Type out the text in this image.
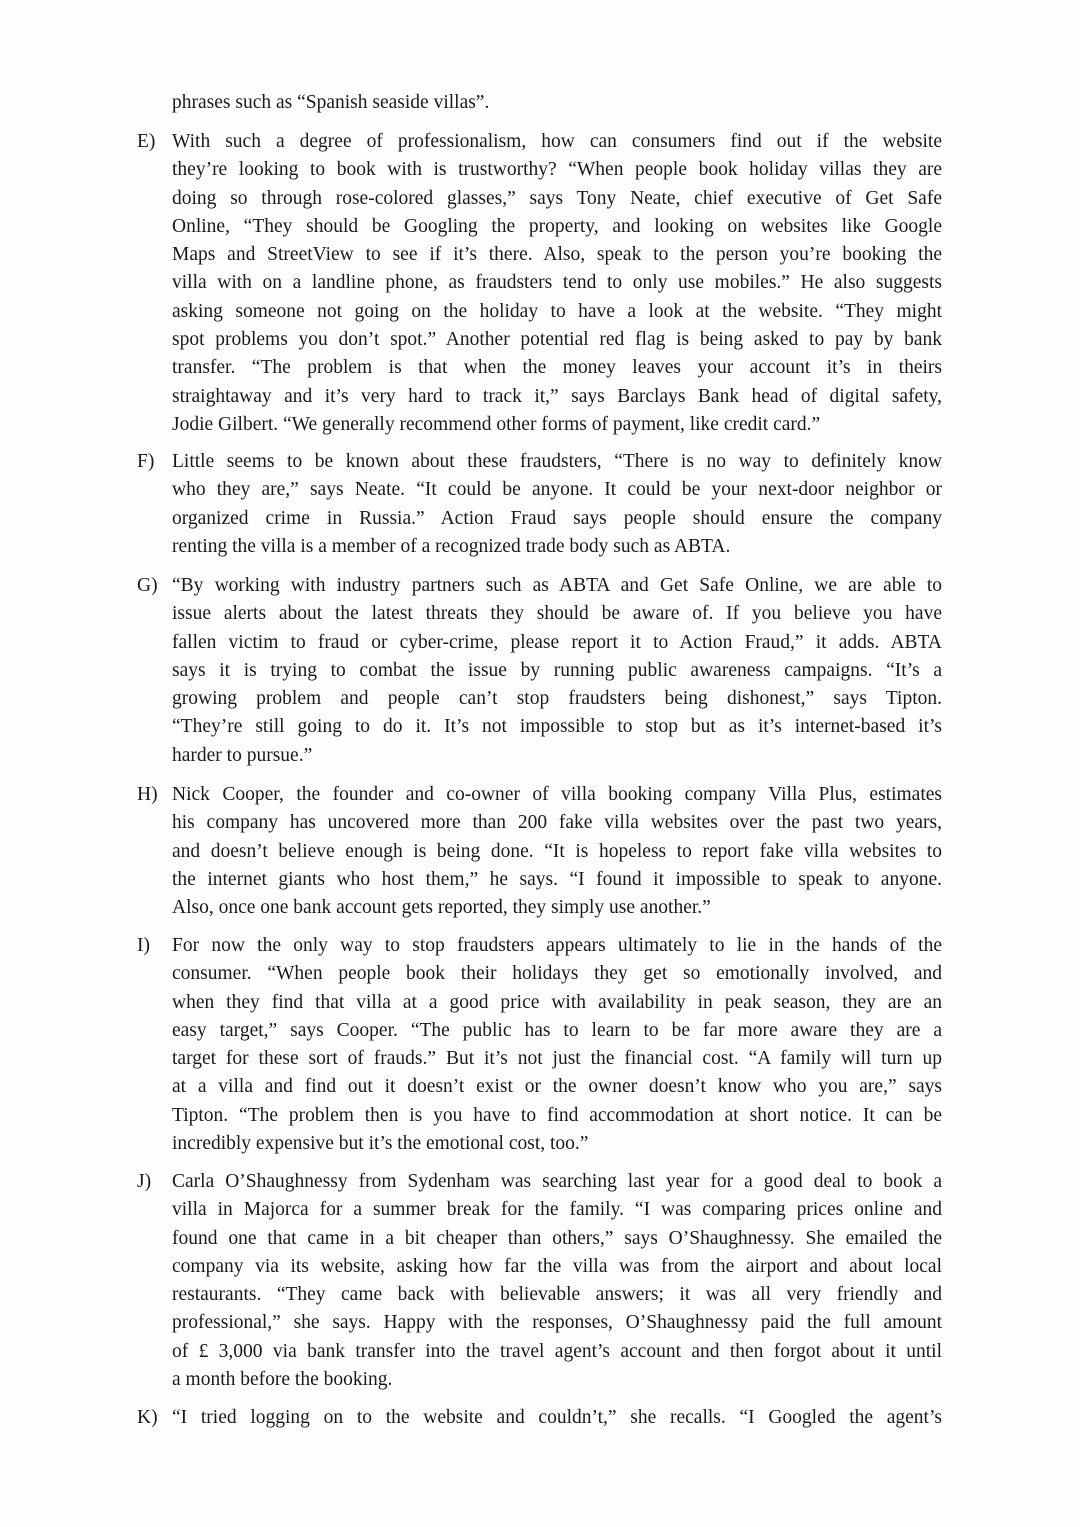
phrases such as “Spanish seaside villas”.
E) With such a degree of professionalism, how can consumers find out if the website
they’re looking to book with is trustworthy? “When people book holiday villas they are
doing so through rose-colored glasses,” says Tony Neate, chief executive of Get Safe
Online, “They should be Googling the property, and looking on websites like Google
Maps and StreetView to see if it’s there. Also, speak to the person you’re booking the
villa with on a landline phone, as fraudsters tend to only use mobiles.” He also suggests
asking someone not going on the holiday to have a look at the website. “They might
spot problems you don’t spot.” Another potential red flag is being asked to pay by bank
transfer. “The problem is that when the money leaves your account it’s in theirs
straightaway and it’s very hard to track it,” says Barclays Bank head of digital safety,
Jodie Gilbert. “We generally recommend other forms of payment, like credit card.”
F) Little seems to be known about these fraudsters, “There is no way to definitely know
who they are,” says Neate. “It could be anyone. It could be your next-door neighbor or
organized crime in Russia.” Action Fraud says people should ensure the company
renting the villa is a member of a recognized trade body such as ABTA.
G) “By working with industry partners such as ABTA and Get Safe Online, we are able to
issue alerts about the latest threats they should be aware of. If you believe you have
fallen victim to fraud or cyber-crime, please report it to Action Fraud,” it adds. ABTA
says it is trying to combat the issue by running public awareness campaigns. “It’s a
growing problem and people can’t stop fraudsters being dishonest,” says Tipton.
“They’re still going to do it. It’s not impossible to stop but as it’s internet-based it’s
harder to pursue.”
H) Nick Cooper, the founder and co-owner of villa booking company Villa Plus, estimates
his company has uncovered more than 200 fake villa websites over the past two years,
and doesn’t believe enough is being done. “It is hopeless to report fake villa websites to
the internet giants who host them,” he says. “I found it impossible to speak to anyone.
Also, once one bank account gets reported, they simply use another.”
I)	For now the only way to stop fraudsters appears ultimately to lie in the hands of the
consumer. “When people book their holidays they get so emotionally involved, and
when they find that villa at a good price with availability in peak season, they are an
easy target,” says Cooper. “The public has to learn to be far more aware they are a
target for these sort of frauds.” But it’s not just the financial cost. “A family will turn up
at a villa and find out it doesn’t exist or the owner doesn’t know who you are,” says
Tipton. “The problem then is you have to find accommodation at short notice. It can be
incredibly expensive but it’s the emotional cost, too.”
J)	Carla O’Shaughnessy from Sydenham was searching last year for a good deal to book a
villa in Majorca for a summer break for the family. “I was comparing prices online and
found one that came in a bit cheaper than others,” says O’Shaughnessy. She emailed the
company via its website, asking how far the villa was from the airport and about local
restaurants. “They came back with believable answers; it was all very friendly and
professional,” she says. Happy with the responses, O’Shaughnessy paid the full amount
of £ 3,000 via bank transfer into the travel agent’s account and then forgot about it until
a month before the booking.
K) “I tried logging on to the website and couldn’t,” she recalls. “I Googled the agent’s
